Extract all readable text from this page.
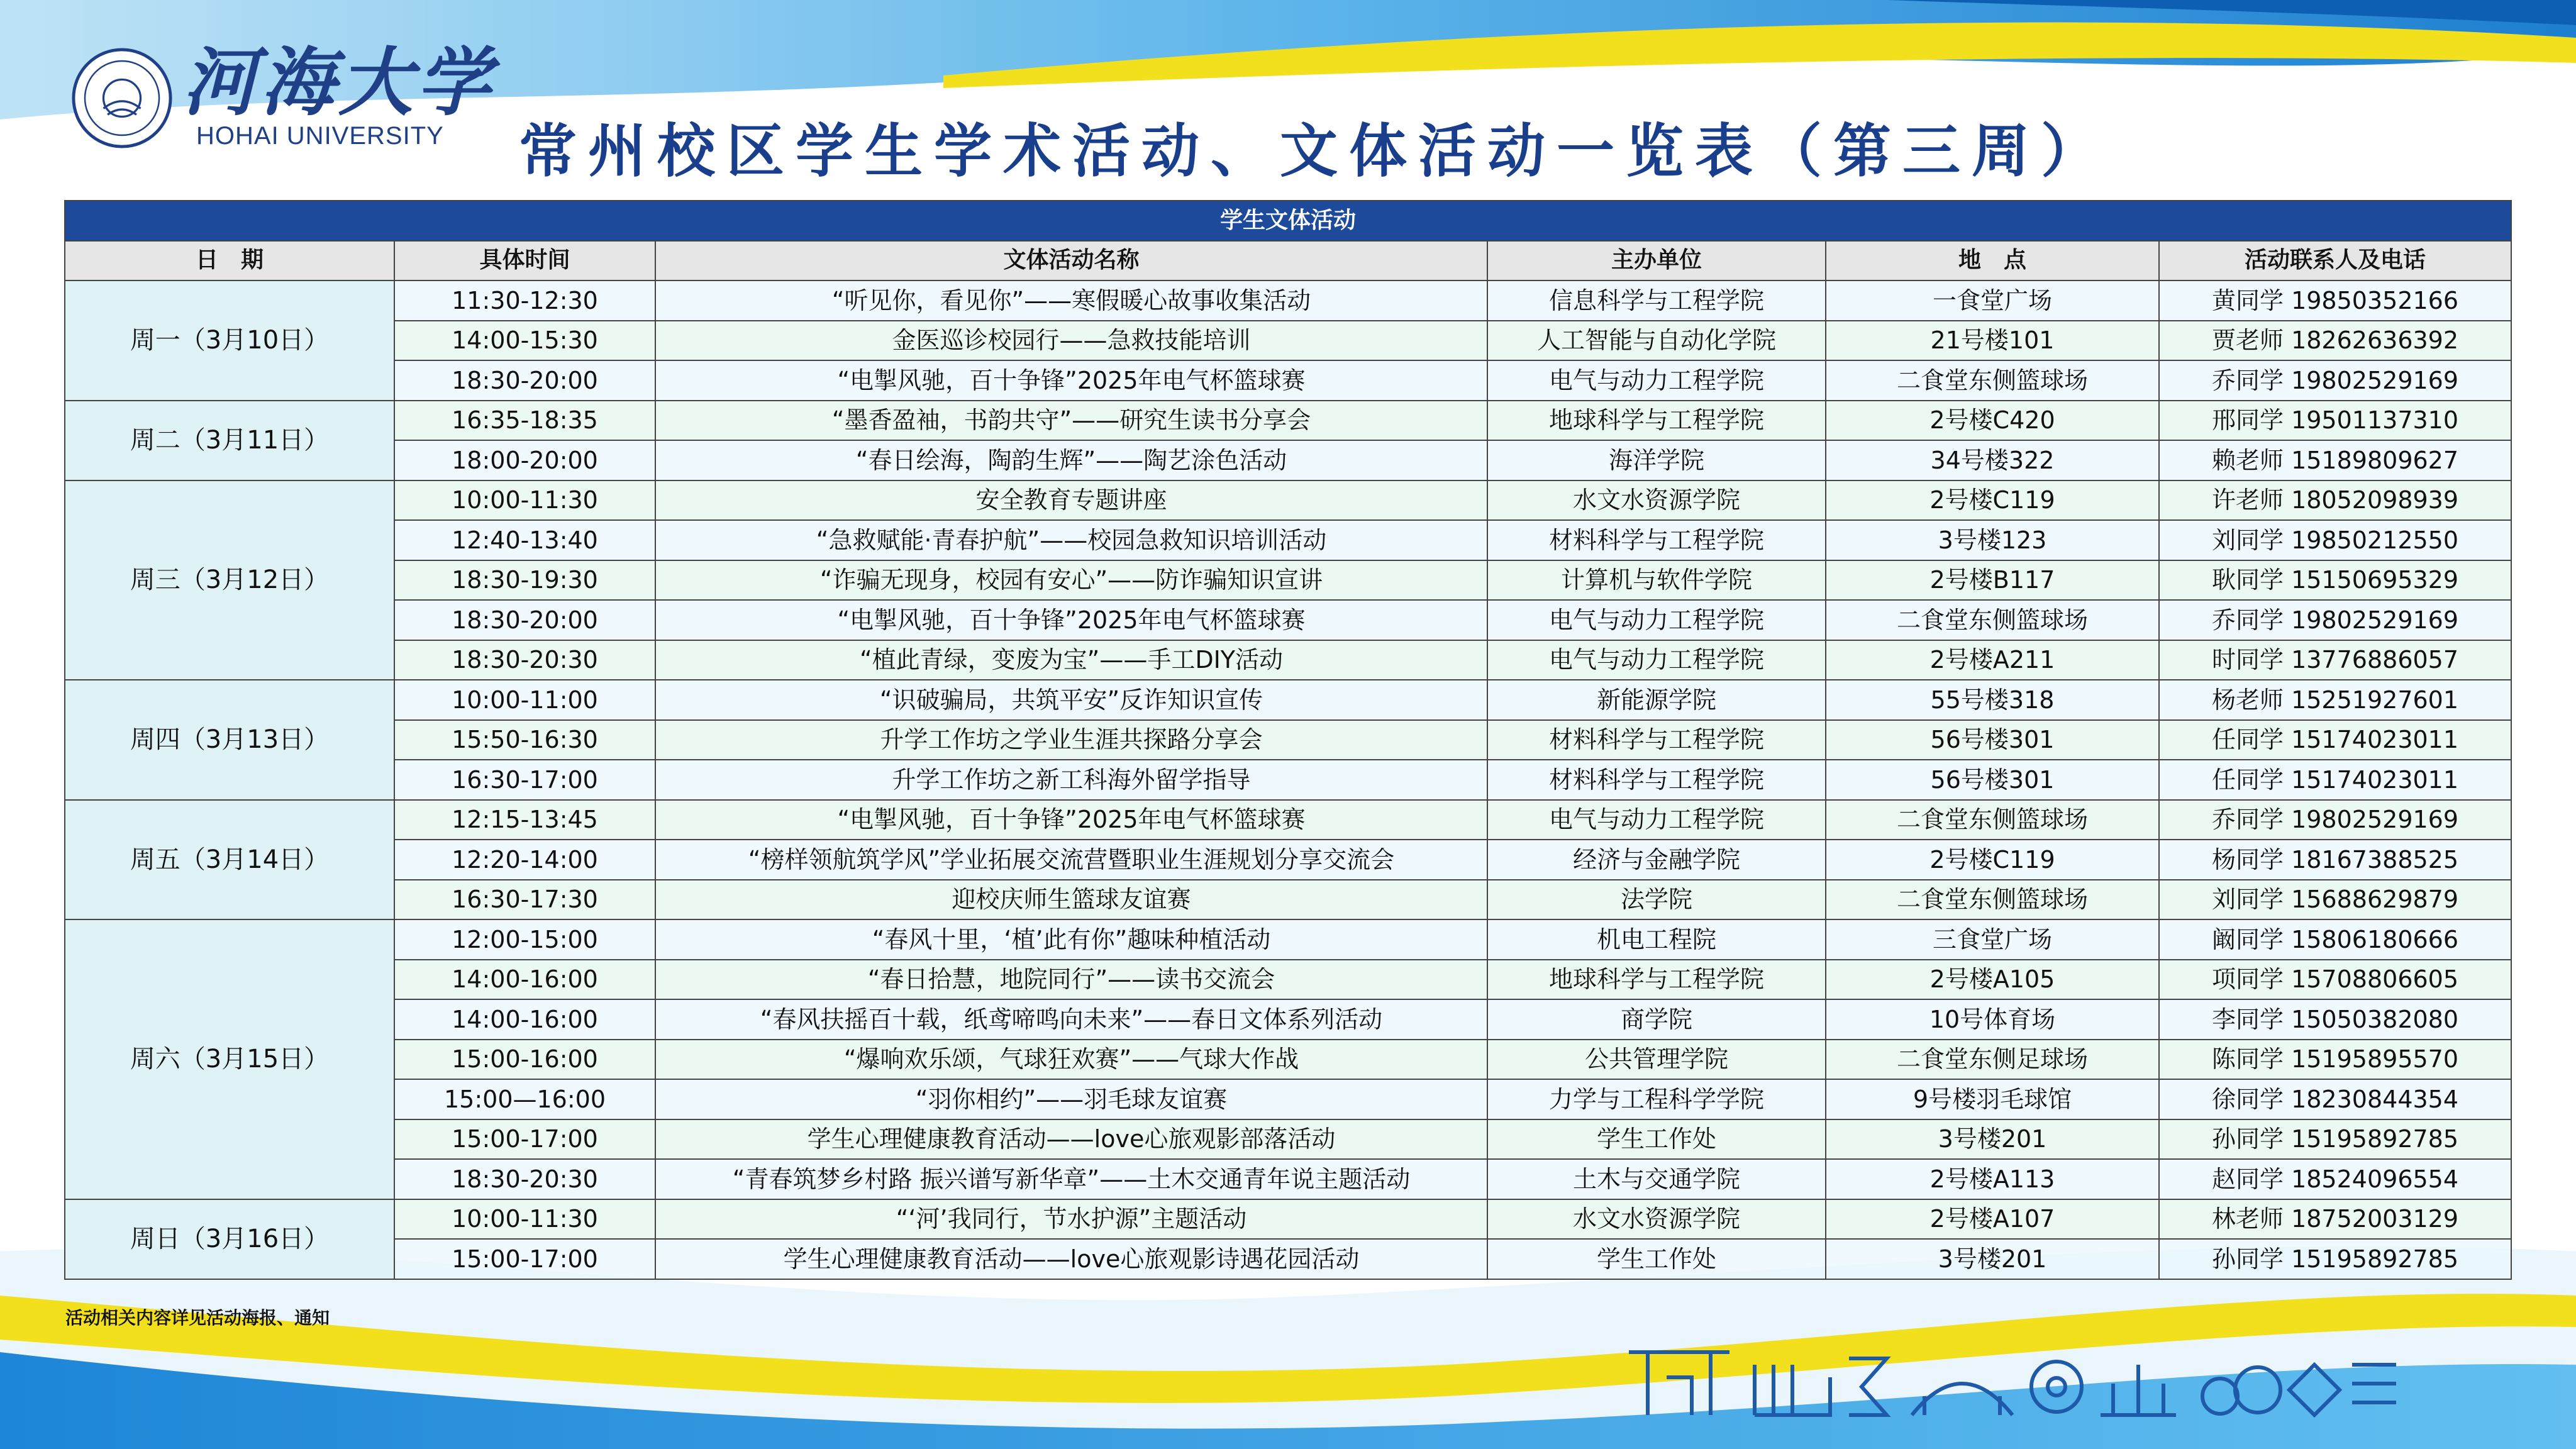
河海大学
HOHAI UNIVERSITY	常州校区学生学术活动、文体活动一览表（第三周）
学生文体活动					
日　期	具体时间	文体活动名称	主办单位	地　点	活动联系人及电话
周一（3月10日）	11:30-12:30	“听见你，看见你”——寒假暖心故事收集活动	信息科学与工程学院	一食堂广场	黄同学 19850352166
	14:00-15:30	金医巡诊校园行——急救技能培训	人工智能与自动化学院	21号楼101	贾老师 18262636392
	18:30-20:00	“电掣风驰，百十争锋”2025年电气杯篮球赛	电气与动力工程学院	二食堂东侧篮球场	乔同学 19802529169
周二（3月11日）	16:35-18:35	“墨香盈袖，书韵共守”——研究生读书分享会	地球科学与工程学院	2号楼C420	邢同学 19501137310
	18:00-20:00	“春日绘海，陶韵生辉”——陶艺涂色活动	海洋学院	34号楼322	赖老师 15189809627
周三（3月12日）	10:00-11:30	安全教育专题讲座	水文水资源学院	2号楼C119	许老师 18052098939
	12:40-13:40	“急救赋能·青春护航”——校园急救知识培训活动	材料科学与工程学院	3号楼123	刘同学 19850212550
	18:30-19:30	“诈骗无现身，校园有安心”——防诈骗知识宣讲	计算机与软件学院	2号楼B117	耿同学 15150695329
	18:30-20:00	“电掣风驰，百十争锋”2025年电气杯篮球赛	电气与动力工程学院	二食堂东侧篮球场	乔同学 19802529169
	18:30-20:30	“植此青绿，变废为宝”——手工DIY活动	电气与动力工程学院	2号楼A211	时同学 13776886057
周四（3月13日）	10:00-11:00	“识破骗局，共筑平安”反诈知识宣传	新能源学院	55号楼318	杨老师 15251927601
	15:50-16:30	升学工作坊之学业生涯共探路分享会	材料科学与工程学院	56号楼301	任同学 15174023011
	16:30-17:00	升学工作坊之新工科海外留学指导	材料科学与工程学院	56号楼301	任同学 15174023011
周五（3月14日）	12:15-13:45	“电掣风驰，百十争锋”2025年电气杯篮球赛	电气与动力工程学院	二食堂东侧篮球场	乔同学 19802529169
	12:20-14:00	“榜样领航筑学风”学业拓展交流营暨职业生涯规划分享交流会	经济与金融学院	2号楼C119	杨同学 18167388525
	16:30-17:30	迎校庆师生篮球友谊赛	法学院	二食堂东侧篮球场	刘同学 15688629879
周六（3月15日）	12:00-15:00	“春风十里，‘植’此有你”趣味种植活动	机电工程院	三食堂广场	阚同学 15806180666
	14:00-16:00	“春日拾慧，地院同行”——读书交流会	地球科学与工程学院	2号楼A105	项同学 15708806605
	14:00-16:00	“春风扶摇百十载，纸鸢啼鸣向未来”——春日文体系列活动	商学院	10号体育场	李同学 15050382080
	15:00-16:00	“爆响欢乐颂，气球狂欢赛”——气球大作战	公共管理学院	二食堂东侧足球场	陈同学 15195895570
	15:00—16:00	“羽你相约”——羽毛球友谊赛	力学与工程科学学院	9号楼羽毛球馆	徐同学 18230844354
	15:00-17:00	学生心理健康教育活动——love心旅观影部落活动	学生工作处	3号楼201	孙同学 15195892785
	18:30-20:30	“青春筑梦乡村路 振兴谱写新华章”——土木交通青年说主题活动	土木与交通学院	2号楼A113	赵同学 18524096554
周日（3月16日）	10:00-11:30	“‘河’我同行，节水护源”主题活动	水文水资源学院	2号楼A107	林老师 18752003129
	15:00-17:00	学生心理健康教育活动——love心旅观影诗遇花园活动	学生工作处	3号楼201	孙同学 15195892785
活动相关内容详见活动海报、通知
